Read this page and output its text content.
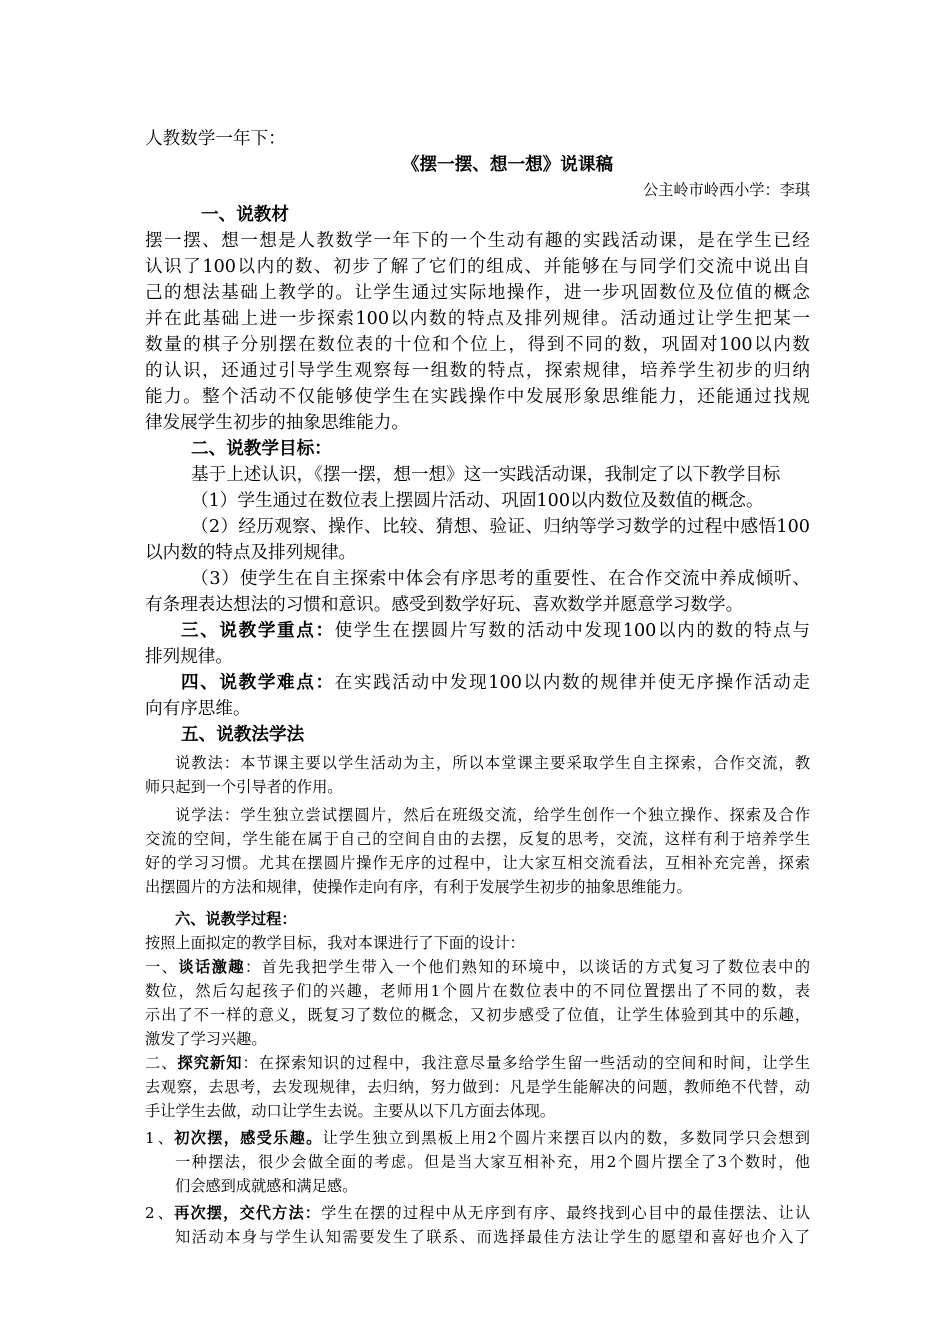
人教数学一年下：
《摆一摆、想一想》说课稿
公主岭市岭西小学：李琪
一、说教材
摆一摆、想一想是人教数学一年下的一个生动有趣的实践活动课，是在学生已经
认识了100以内的数、初步了解了它们的组成、并能够在与同学们交流中说出自
己的想法基础上教学的。让学生通过实际地操作，进一步巩固数位及位值的概念
并在此基础上进一步探索100以内数的特点及排列规律。活动通过让学生把某一
数量的棋子分别摆在数位表的十位和个位上，得到不同的数，巩固对100以内数
的认识，还通过引导学生观察每一组数的特点，探索规律，培养学生初步的归纳
能力。整个活动不仅能够使学生在实践操作中发展形象思维能力，还能通过找规
律发展学生初步的抽象思维能力。
二、说教学目标：
基于上述认识，《摆一摆，想一想》这一实践活动课，我制定了以下教学目标
（1）学生通过在数位表上摆圆片活动、巩固100以内数位及数值的概念。
（2）经历观察、操作、比较、猜想、验证、归纳等学习数学的过程中感悟100
以内数的特点及排列规律。
（3）使学生在自主探索中体会有序思考的重要性、在合作交流中养成倾听、
有条理表达想法的习惯和意识。感受到数学好玩、喜欢数学并愿意学习数学。
三、说教学重点：使学生在摆圆片写数的活动中发现100以内的数的特点与
排列规律。
四、说教学难点：在实践活动中发现100以内数的规律并使无序操作活动走
向有序思维。
五、说教法学法
说教法：本节课主要以学生活动为主，所以本堂课主要采取学生自主探索，合作交流，教
师只起到一个引导者的作用。
说学法：学生独立尝试摆圆片，然后在班级交流，给学生创作一个独立操作、探索及合作
交流的空间，学生能在属于自己的空间自由的去摆，反复的思考，交流，这样有利于培养学生
好的学习习惯。尤其在摆圆片操作无序的过程中，让大家互相交流看法，互相补充完善，探索
出摆圆片的方法和规律，使操作走向有序，有利于发展学生初步的抽象思维能力。
六、说教学过程：
按照上面拟定的教学目标，我对本课进行了下面的设计：
一、谈话激趣：首先我把学生带入一个他们熟知的环境中，以谈话的方式复习了数位表中的
数位，然后勾起孩子们的兴趣，老师用1个圆片在数位表中的不同位置摆出了不同的数，表
示出了不一样的意义，既复习了数位的概念，又初步感受了位值，让学生体验到其中的乐趣，
激发了学习兴趣。
二、探究新知：在探索知识的过程中，我注意尽量多给学生留一些活动的空间和时间，让学生
去观察，去思考，去发现规律，去归纳，努力做到：凡是学生能解决的问题，教师绝不代替，动
手让学生去做，动口让学生去说。主要从以下几方面去体现。
1、初次摆，感受乐趣。让学生独立到黑板上用2个圆片来摆百以内的数，多数同学只会想到
一种摆法，很少会做全面的考虑。但是当大家互相补充，用2个圆片摆全了3个数时，他
们会感到成就感和满足感。
2、再次摆，交代方法：学生在摆的过程中从无序到有序、最终找到心目中的最佳摆法、让认
知活动本身与学生认知需要发生了联系、而选择最佳方法让学生的愿望和喜好也介入了
